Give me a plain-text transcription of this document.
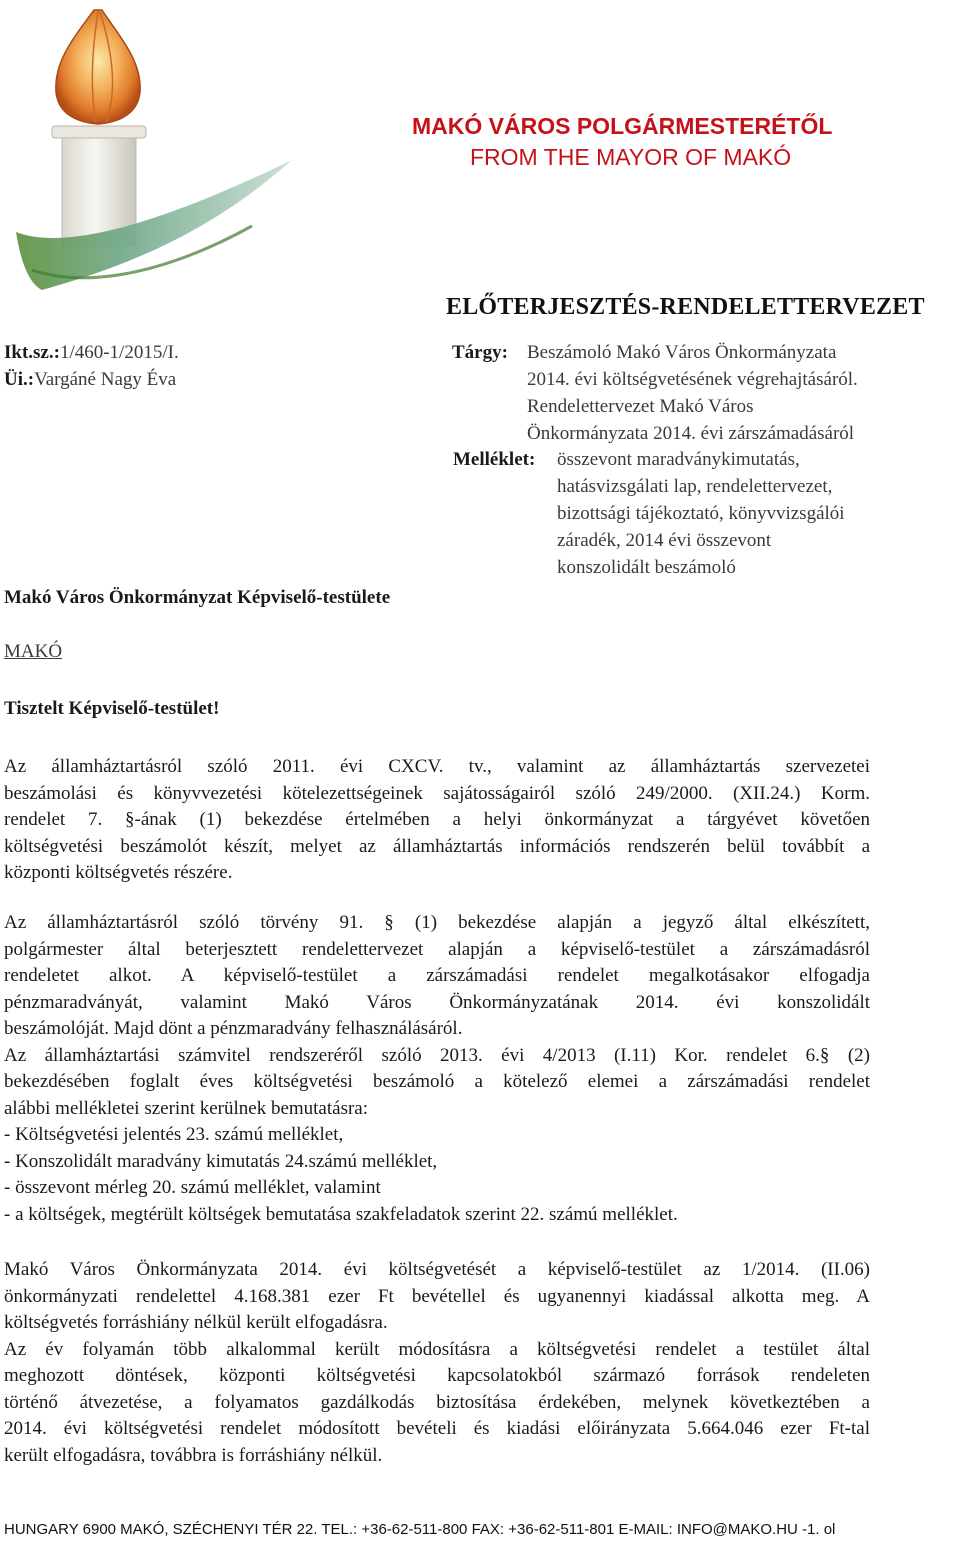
MAKÓ VÁROS POLGÁRMESTERÉTŐL
FROM THE MAYOR OF MAKÓ
ELŐTERJESZTÉS-RENDELETTERVEZET
Ikt.sz.:1/460-1/2015/I.
Üi.:Vargáné Nagy Éva
Tárgy: Beszámoló Makó Város Önkormányzata
2014. évi költségvetésének végrehajtásáról.
Rendelettervezet Makó Város
Önkormányzata 2014. évi zárszámadásáról
Melléklet: összevont maradványkimutatás,
hatásvizsgálati lap, rendelettervezet,
bizottsági tájékoztató, könyvvizsgálói
záradék, 2014 évi összevont
konszolidált beszámoló
Makó Város Önkormányzat Képviselő-testülete
MAKÓ
Tisztelt Képviselő-testület!
Az államháztartásról szóló 2011. évi CXCV. tv., valamint az államháztartás szervezetei
beszámolási és könyvvezetési kötelezettségeinek sajátosságairól szóló 249/2000. (XII.24.) Korm.
rendelet 7. §-ának (1) bekezdése értelmében a helyi önkormányzat a tárgyévet követően
költségvetési beszámolót készít, melyet az államháztartás információs rendszerén belül továbbít a
központi költségvetés részére.
Az államháztartásról szóló törvény 91. § (1) bekezdése alapján a jegyző által elkészített,
polgármester által beterjesztett rendelettervezet alapján a képviselő-testület a zárszámadásról
rendeletet alkot. A képviselő-testület a zárszámadási rendelet megalkotásakor elfogadja
pénzmaradványát, valamint Makó Város Önkormányzatának 2014. évi konszolidált
beszámolóját. Majd dönt a pénzmaradvány felhasználásáról.
Az államháztartási számvitel rendszeréről szóló 2013. évi 4/2013 (I.11) Kor. rendelet 6.§ (2)
bekezdésében foglalt éves költségvetési beszámoló a kötelező elemei a zárszámadási rendelet
alábbi mellékletei szerint kerülnek bemutatásra:
- Költségvetési jelentés 23. számú melléklet,
- Konszolidált maradvány kimutatás 24.számú melléklet,
- összevont mérleg 20. számú melléklet, valamint
- a költségek, megtérült költségek bemutatása szakfeladatok szerint 22. számú melléklet.
Makó Város Önkormányzata 2014. évi költségvetését a képviselő-testület az 1/2014. (II.06)
önkormányzati rendelettel 4.168.381 ezer Ft bevétellel és ugyanennyi kiadással alkotta meg. A
költségvetés forráshiány nélkül került elfogadásra.
Az év folyamán több alkalommal került módosításra a költségvetési rendelet a testület által
meghozott döntések, központi költségvetési kapcsolatokból származó források rendeleten
történő átvezetése, a folyamatos gazdálkodás biztosítása érdekében, melynek következtében a
2014. évi költségvetési rendelet módosított bevételi és kiadási előirányzata 5.664.046 ezer Ft-tal
került elfogadásra, továbbra is forráshiány nélkül.
HUNGARY 6900 MAKÓ, SZÉCHENYI TÉR 22. TEL.: +36-62-511-800 FAX: +36-62-511-801 E-MAIL: INFO@MAKO.HU -1. ol
